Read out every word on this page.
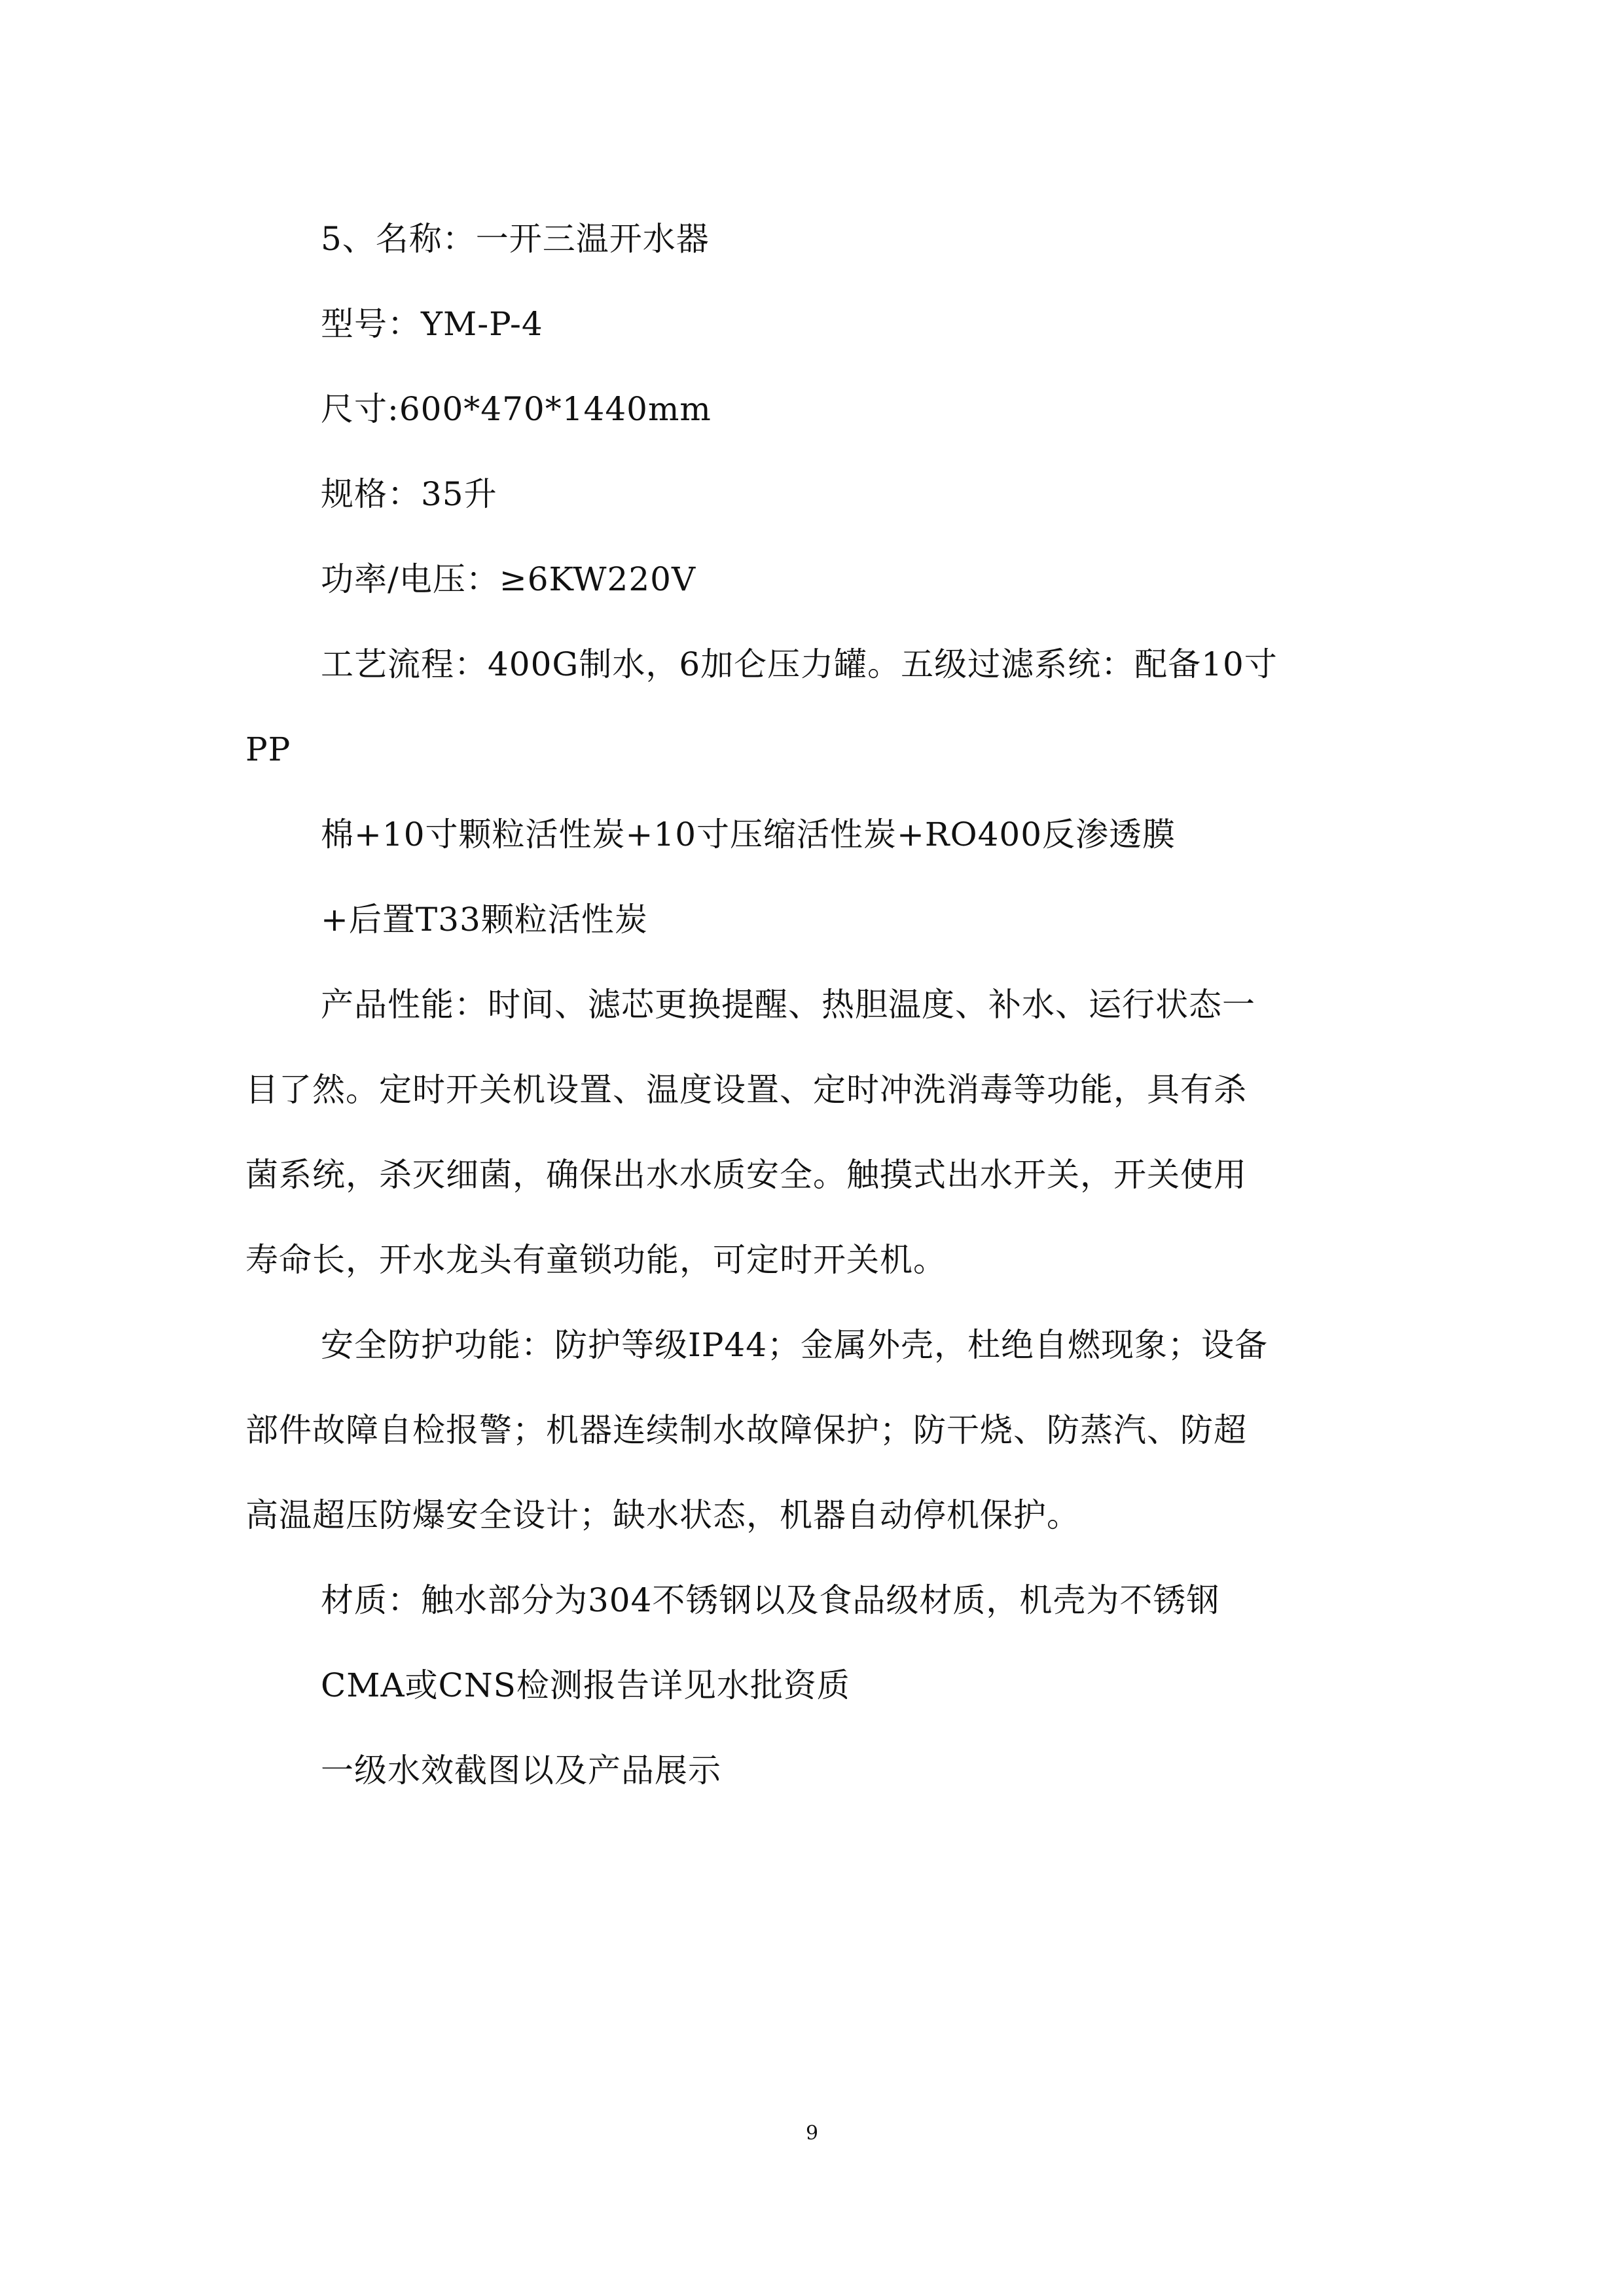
5、名称：一开三温开水器
型号：YM-P-4
尺寸:600*470*1440mm
规格：35升
功率/电压：≥6KW220V
工艺流程：400G制水，6加仑压力罐。五级过滤系统：配备10寸
PP
棉+10寸颗粒活性炭+10寸压缩活性炭+RO400反渗透膜
+后置T33颗粒活性炭
产品性能：时间、滤芯更换提醒、热胆温度、补水、运行状态一
目了然。定时开关机设置、温度设置、定时冲洗消毒等功能，具有杀
菌系统，杀灭细菌，确保出水水质安全。触摸式出水开关，开关使用
寿命长，开水龙头有童锁功能，可定时开关机。
安全防护功能：防护等级IP44；金属外壳，杜绝自燃现象；设备
部件故障自检报警；机器连续制水故障保护；防干烧、防蒸汽、防超
高温超压防爆安全设计；缺水状态，机器自动停机保护。
材质：触水部分为304不锈钢以及食品级材质，机壳为不锈钢
CMA或CNS检测报告详见水批资质
一级水效截图以及产品展示
9
